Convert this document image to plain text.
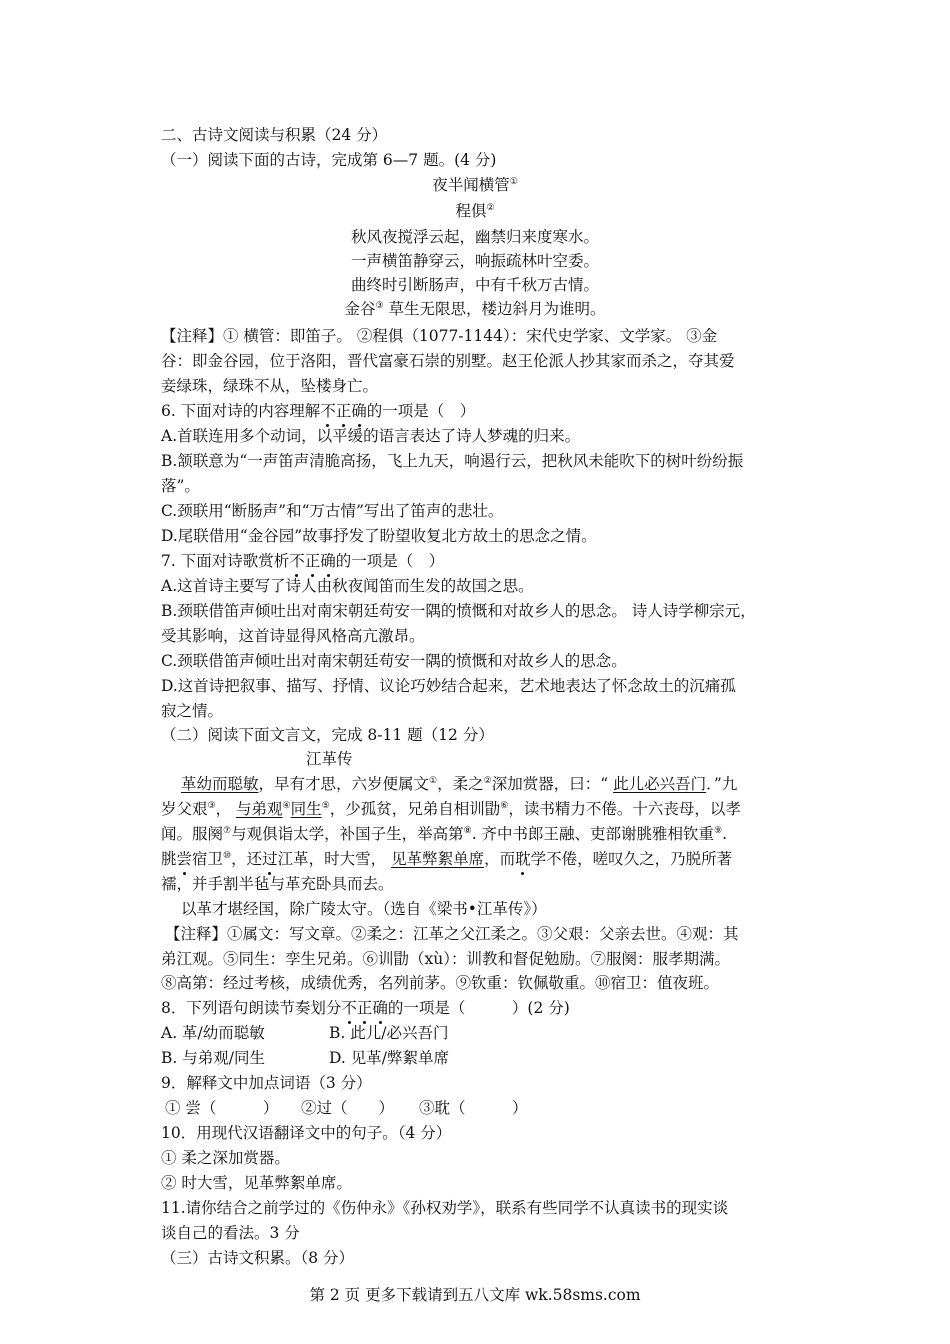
二、古诗文阅读与积累（24 分）
（一）阅读下面的古诗，完成第 6—7 题。(4 分)
夜半闻横管①
程俱②
秋风夜搅浮云起，幽禁归来度寒水。
一声横笛静穿云，响振疏林叶空委。
曲终时引断肠声，中有千秋万古情。
金谷③ 草生无限思，楼边斜月为谁明。
【注释】① 横管：即笛子。 ②程俱（1077-1144）：宋代史学家、文学家。 ③金
谷：即金谷园，位于洛阳，晋代富豪石崇的别墅。赵王伦派人抄其家而杀之，夺其爱
妾绿珠，绿珠不从，坠楼身亡。
6. 下面对诗的内容理解不正确的一项是（　）
A.首联连用多个动词，以平缓的语言表达了诗人梦魂的归来。
B.颔联意为“一声笛声清脆高扬，飞上九天，响遏行云，把秋风未能吹下的树叶纷纷振
落”。
C.颈联用“断肠声”和“万古情”写出了笛声的悲壮。
D.尾联借用“金谷园”故事抒发了盼望收复北方故土的思念之情。
7. 下面对诗歌赏析不正确的一项是（　）
A.这首诗主要写了诗人由秋夜闻笛而生发的故国之思。
B.颈联借笛声倾吐出对南宋朝廷苟安一隅的愤慨和对故乡人的思念。 诗人诗学柳宗元，
受其影响，这首诗显得风格高亢激昂。
C.颈联借笛声倾吐出对南宋朝廷苟安一隅的愤慨和对故乡人的思念。
D.这首诗把叙事、描写、抒情、议论巧妙结合起来，艺术地表达了怀念故土的沉痛孤
寂之情。
（二）阅读下面文言文，完成 8-11 题（12 分）
江革传
革幼而聪敏，早有才思，六岁便属文①，柔之②深加赏器，曰：“ 此儿必兴吾门．”九
岁父艰③， 与弟观④同生⑤，少孤贫，兄弟自相训勖⑥，读书精力不倦。十六丧母，以孝
闻。服阕⑦与观俱诣太学，补国子生，举高第⑧. 齐中书郎王融、吏部谢朓雅相钦重⑨.
朓尝宿卫⑩，还过江革，时大雪， 见革弊絮单席，而耽学不倦，嗟叹久之，乃脱所著
襦，并手割半毡与革充卧具而去。
以革才堪经国，除广陵太守。（选自《梁书•江革传》）
【注释】①属文：写文章。②柔之：江革之父江柔之。③父艰：父亲去世。④观：其
弟江观。⑤同生：孪生兄弟。⑥训勖（xù）：训教和督促勉励。⑦服阕：服孝期满。
⑧高第：经过考核，成绩优秀，名列前茅。⑨钦重：钦佩敬重。⑩宿卫：值夜班。
8．下列语句朗读节奏划分不正确的一项是（　　　）(2 分)
A. 革/幼而聪敏	B. 此儿/必兴吾门
B. 与弟观/同生	D. 见革/弊絮单席
9．解释文中加点词语（3 分）
① 尝（　　　） ②过（　　） ③耽（　　　）
10．用现代汉语翻译文中的句子。（4 分）
① 柔之深加赏器。
② 时大雪，见革弊絮单席。
11.请你结合之前学过的《伤仲永》《孙权劝学》，联系有些同学不认真读书的现实谈
谈自己的看法。3 分
（三）古诗文积累。（8 分）
第 2 页 更多下载请到五八文库 wk.58sms.com
